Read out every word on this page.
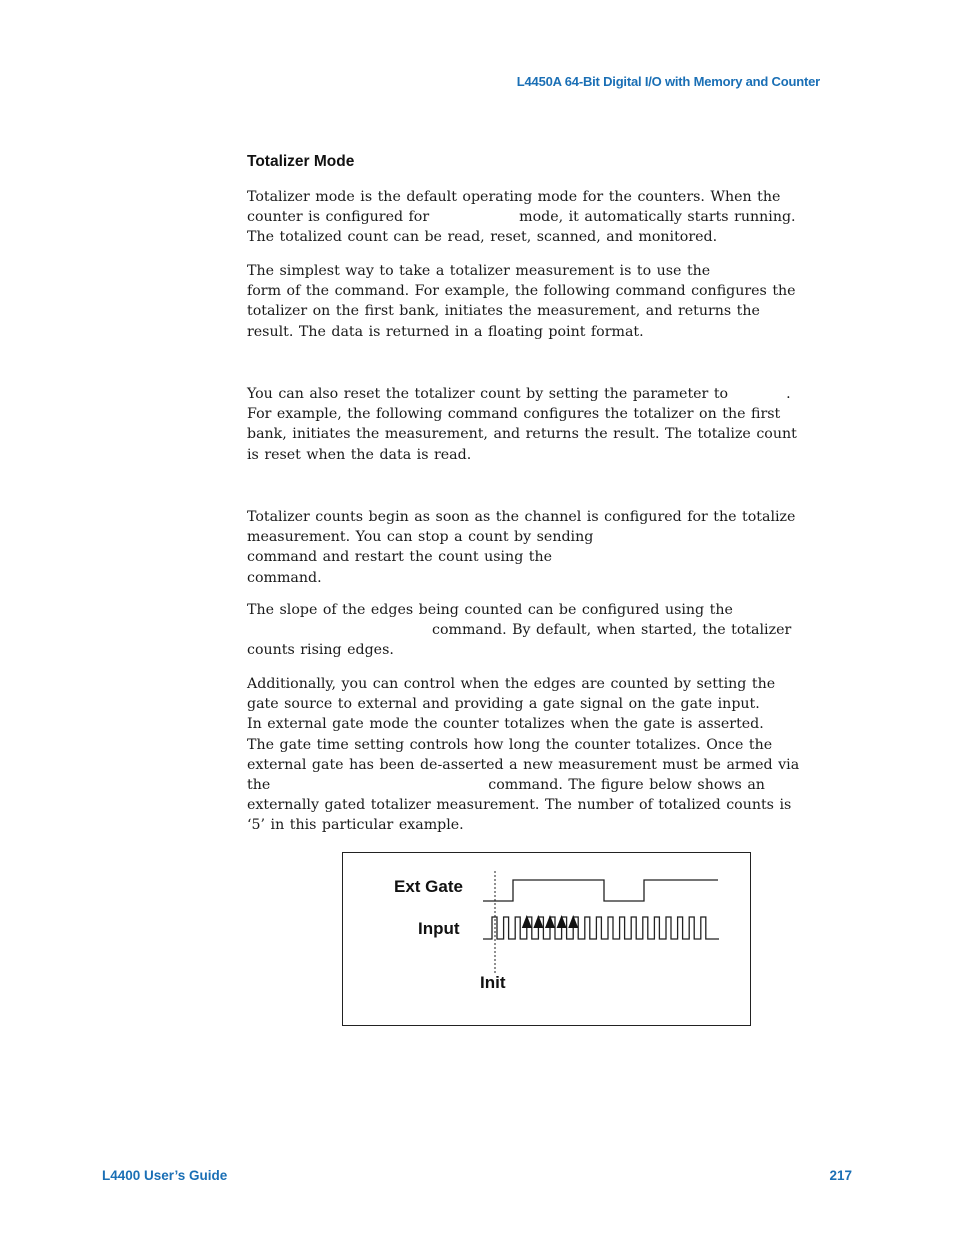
L4450A 64-Bit Digital I/O with Memory and Counter
Totalizer Mode
Totalizer mode is the default operating mode for the counters. When the
counter is configured for	mode, it automatically starts running.
The totalized count can be read, reset, scanned, and monitored.
The simplest way to take a totalizer measurement is to use the
form of the command. For example, the following command configures the
totalizer on the first bank, initiates the measurement, and returns the
result. The data is returned in a floating point format.
You can also reset the totalizer count by setting the parameter to	.
For example, the following command configures the totalizer on the first
bank, initiates the measurement, and returns the result. The totalize count
is reset when the data is read.
Totalizer counts begin as soon as the channel is configured for the totalize
measurement. You can stop a count by sending
command and restart the count using the
command.
The slope of the edges being counted can be configured using the
command. By default, when started, the totalizer
counts rising edges.
Additionally, you can control when the edges are counted by setting the
gate source to external and providing a gate signal on the gate input.
In external gate mode the counter totalizes when the gate is asserted.
The gate time setting controls how long the counter totalizes. Once the
external gate has been de-asserted a new measurement must be armed via
the	command. The figure below shows an
externally gated totalizer measurement. The number of totalized counts is
‘5’ in this particular example.
Ext Gate
Input
Init
L4400 User’s Guide	217
